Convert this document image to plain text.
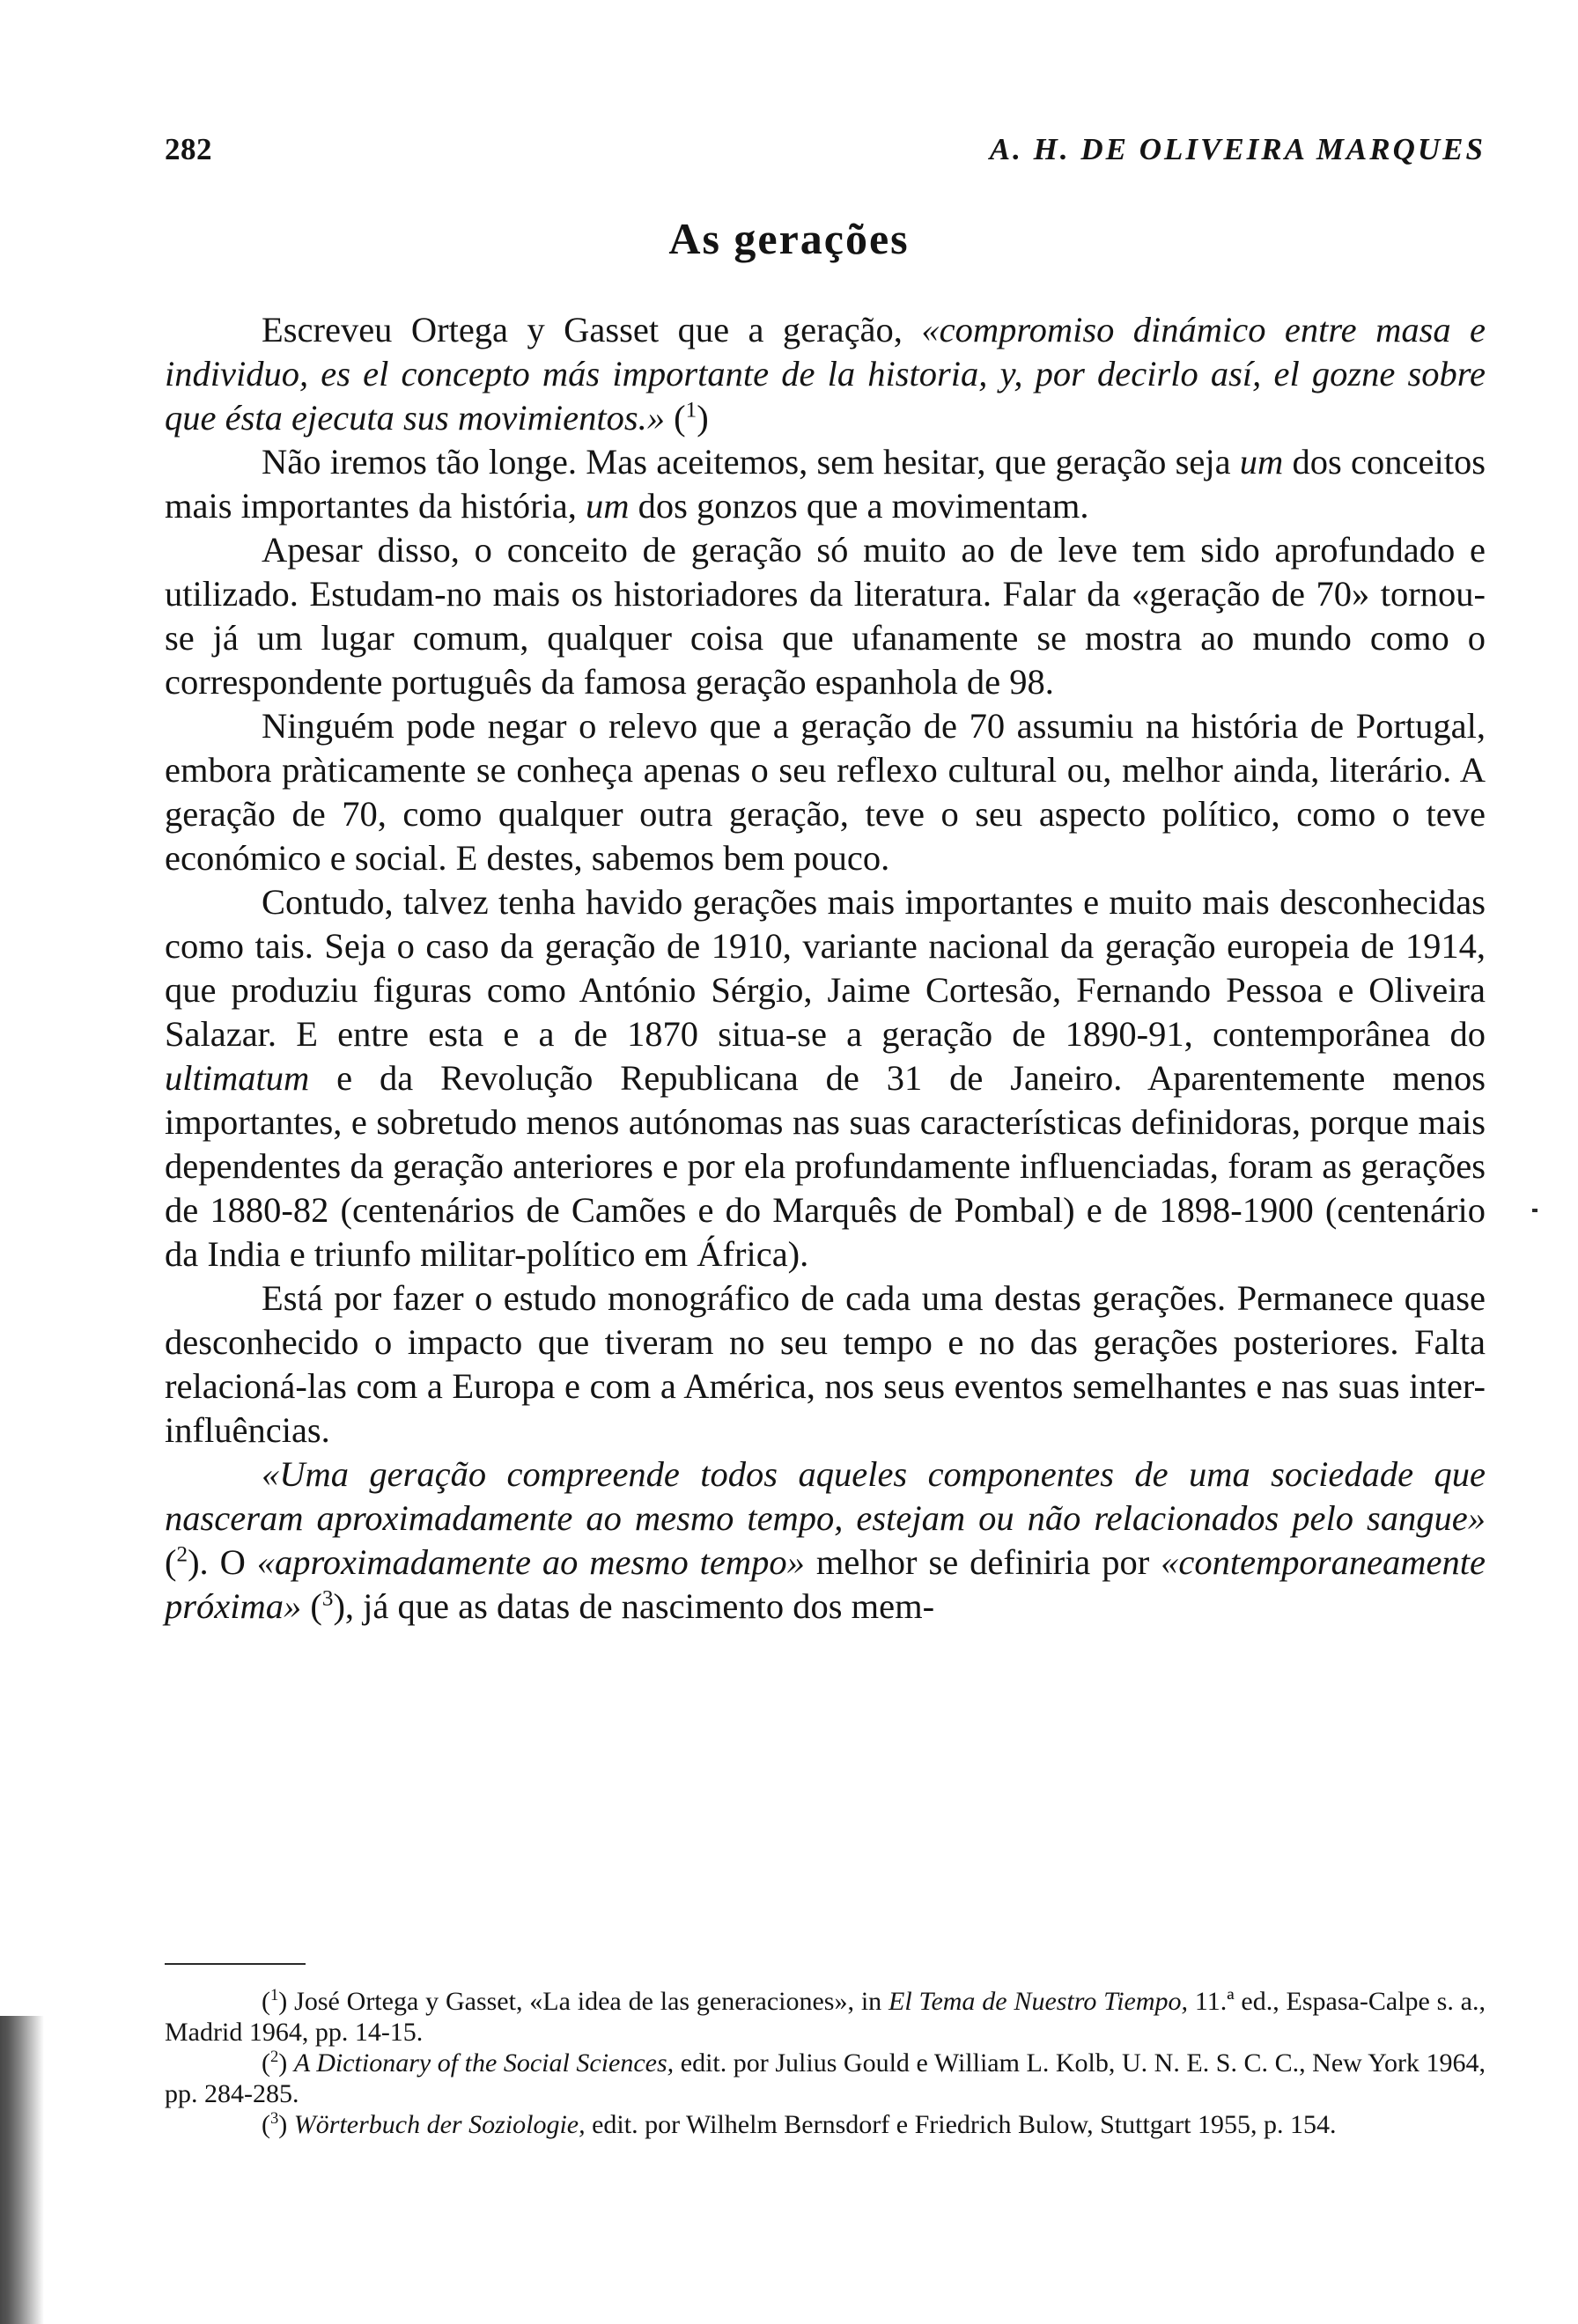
282	A. H. DE OLIVEIRA MARQUES
As gerações

Escreveu Ortega y Gasset que a geração, «compromiso dinámico entre masa e individuo, es el concepto más importante de la historia, y, por decirlo así, el gozne sobre que ésta ejecuta sus movimientos.» ($^1$)

Não iremos tão longe. Mas aceitemos, sem hesitar, que geração seja um dos conceitos mais importantes da história, um dos gonzos que a movimentam.

Apesar disso, o conceito de geração só muito ao de leve tem sido aprofundado e utilizado. Estudam-no mais os historiadores da literatura. Falar da «geração de 70» tornou-se já um lugar comum, qualquer coisa que ufanamente se mostra ao mundo como o correspondente português da famosa geração espanhola de 98.

Ninguém pode negar o relevo que a geração de 70 assumiu na história de Portugal, embora pràticamente se conheça apenas o seu reflexo cultural ou, melhor ainda, literário. A geração de 70, como qualquer outra geração, teve o seu aspecto político, como o teve económico e social. E destes, sabemos bem pouco.

Contudo, talvez tenha havido gerações mais importantes e muito mais desconhecidas como tais. Seja o caso da geração de 1910, variante nacional da geração europeia de 1914, que produziu figuras como António Sérgio, Jaime Cortesão, Fernando Pessoa e Oliveira Salazar. E entre esta e a de 1870 situa-se a geração de 1890-91, contemporânea do ultimatum e da Revolução Republicana de 31 de Janeiro. Aparentemente menos importantes, e sobretudo menos autónomas nas suas características definidoras, porque mais dependentes da geração anteriores e por ela profundamente influenciadas, foram as gerações de 1880-82 (centenários de Camões e do Marquês de Pombal) e de 1898-1900 (centenário da India e triunfo militar-político em África).

Está por fazer o estudo monográfico de cada uma destas gerações. Permanece quase desconhecido o impacto que tiveram no seu tempo e no das gerações posteriores. Falta relacioná-las com a Europa e com a América, nos seus eventos semelhantes e nas suas inter-influências.

«Uma geração compreende todos aqueles componentes de uma sociedade que nasceram aproximadamente ao mesmo tempo, estejam ou não relacionados pelo sangue» ($^2$). O «aproximadamente ao mesmo tempo» melhor se definiria por «contemporaneamente próxima» ($^3$), já que as datas de nascimento dos mem-

($^1$) José Ortega y Gasset, «La idea de las generaciones», in El Tema de Nuestro Tiempo, 11.ª ed., Espasa-Calpe s. a., Madrid 1964, pp. 14-15.

($^2$) A Dictionary of the Social Sciences, edit. por Julius Gould e William L. Kolb, U. N. E. S. C. C., New York 1964, pp. 284-285.

($^3$) Wörterbuch der Soziologie, edit. por Wilhelm Bernsdorf e Friedrich Bulow, Stuttgart 1955, p. 154.
